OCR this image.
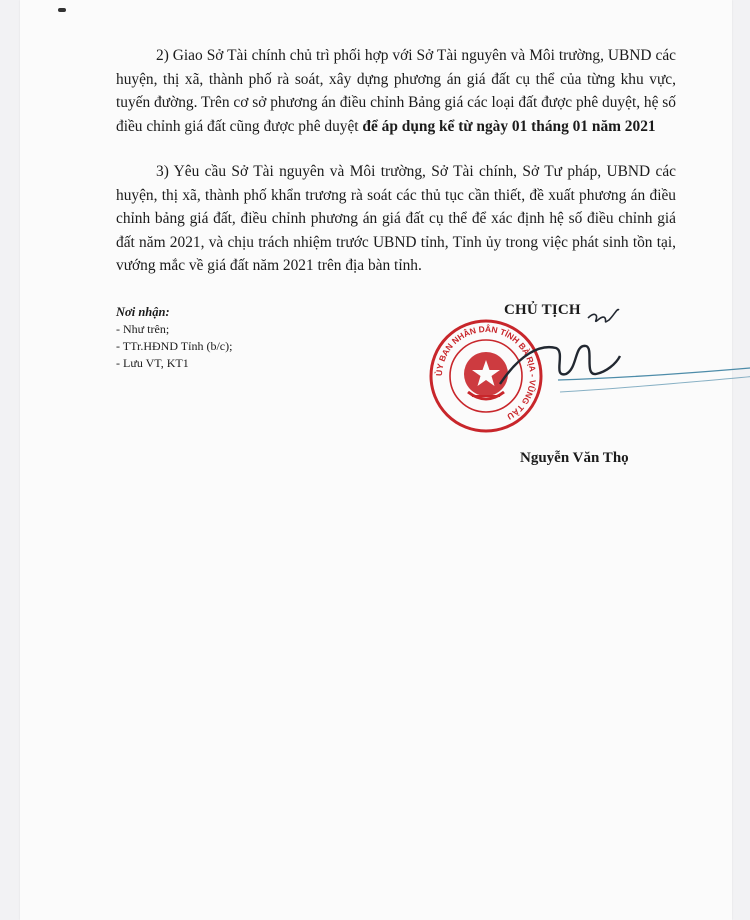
2) Giao Sở Tài chính chủ trì phối hợp với Sở Tài nguyên và Môi trường, UBND các huyện, thị xã, thành phố rà soát, xây dựng phương án giá đất cụ thể của từng khu vực, tuyến đường. Trên cơ sở phương án điều chỉnh Bảng giá các loại đất được phê duyệt, hệ số điều chỉnh giá đất cũng được phê duyệt để áp dụng kể từ ngày 01 tháng 01 năm 2021
3) Yêu cầu Sở Tài nguyên và Môi trường, Sở Tài chính, Sở Tư pháp, UBND các huyện, thị xã, thành phố khẩn trương rà soát các thủ tục cần thiết, đề xuất phương án điều chỉnh bảng giá đất, điều chỉnh phương án giá đất cụ thể để xác định hệ số điều chỉnh giá đất năm 2021, và chịu trách nhiệm trước UBND tỉnh, Tỉnh ủy trong việc phát sinh tồn tại, vướng mắc về giá đất năm 2021 trên địa bàn tỉnh.
Nơi nhận:
- Như trên;
- TTr.HĐND Tỉnh (b/c);
- Lưu VT, KT1
ỦY BAN NHÂN DÂN TỈNH BÀ RỊA - VŨNG TÀU
CHỦ TỊCH
Nguyễn Văn Thọ
